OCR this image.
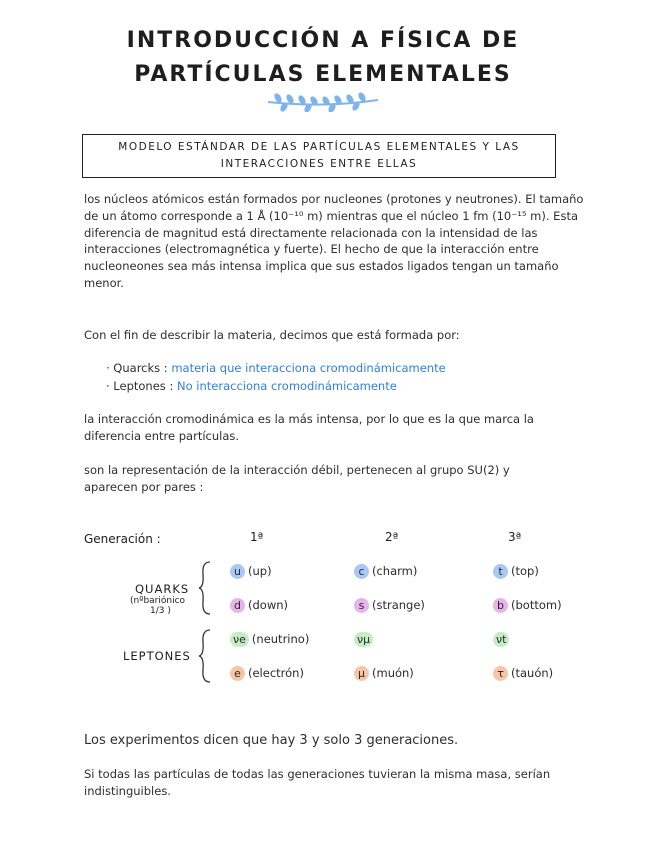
INTRODUCCIÓN A FÍSICA DE
PARTÍCULAS ELEMENTALES
MODELO ESTÁNDAR DE LAS PARTÍCULAS ELEMENTALES Y LAS INTERACCIONES ENTRE ELLAS

los núcleos atómicos están formados por nucleones (protones y neutrones). El tamaño de un átomo corresponde a 1 Å (10⁻¹⁰ m) mientras que el núcleo 1 fm (10⁻¹⁵ m). Esta diferencia de magnitud está directamente relacionada con la intensidad de las interacciones (electromagnética y fuerte). El hecho de que la interacción entre nucleoneones sea más intensa implica que sus estados ligados tengan un tamaño menor.

Con el fin de describir la materia, decimos que está formada por:

· Quarcks : materia que interacciona cromodinámicamente
· Leptones : No interacciona cromodinámicamente

la interacción cromodinámica es la más intensa, por lo que es la que marca la diferencia entre partículas.

son la representación de la interacción débil, pertenecen al grupo SU(2) y aparecen por pares :

Generación :	1ª	2ª	3ª
QUARKS
(nºbariónico
1/3 )
LEPTONES
u (up)	c (charm)	t (top)
d (down)	s (strange)	b (bottom)
νe (neutrino)	νμ	νt
e (electrón)	μ (muón)	τ (tauón)

Los experimentos dicen que hay 3 y solo 3 generaciones.

Si todas las partículas de todas las generaciones tuvieran la misma masa, serían indistinguibles.
